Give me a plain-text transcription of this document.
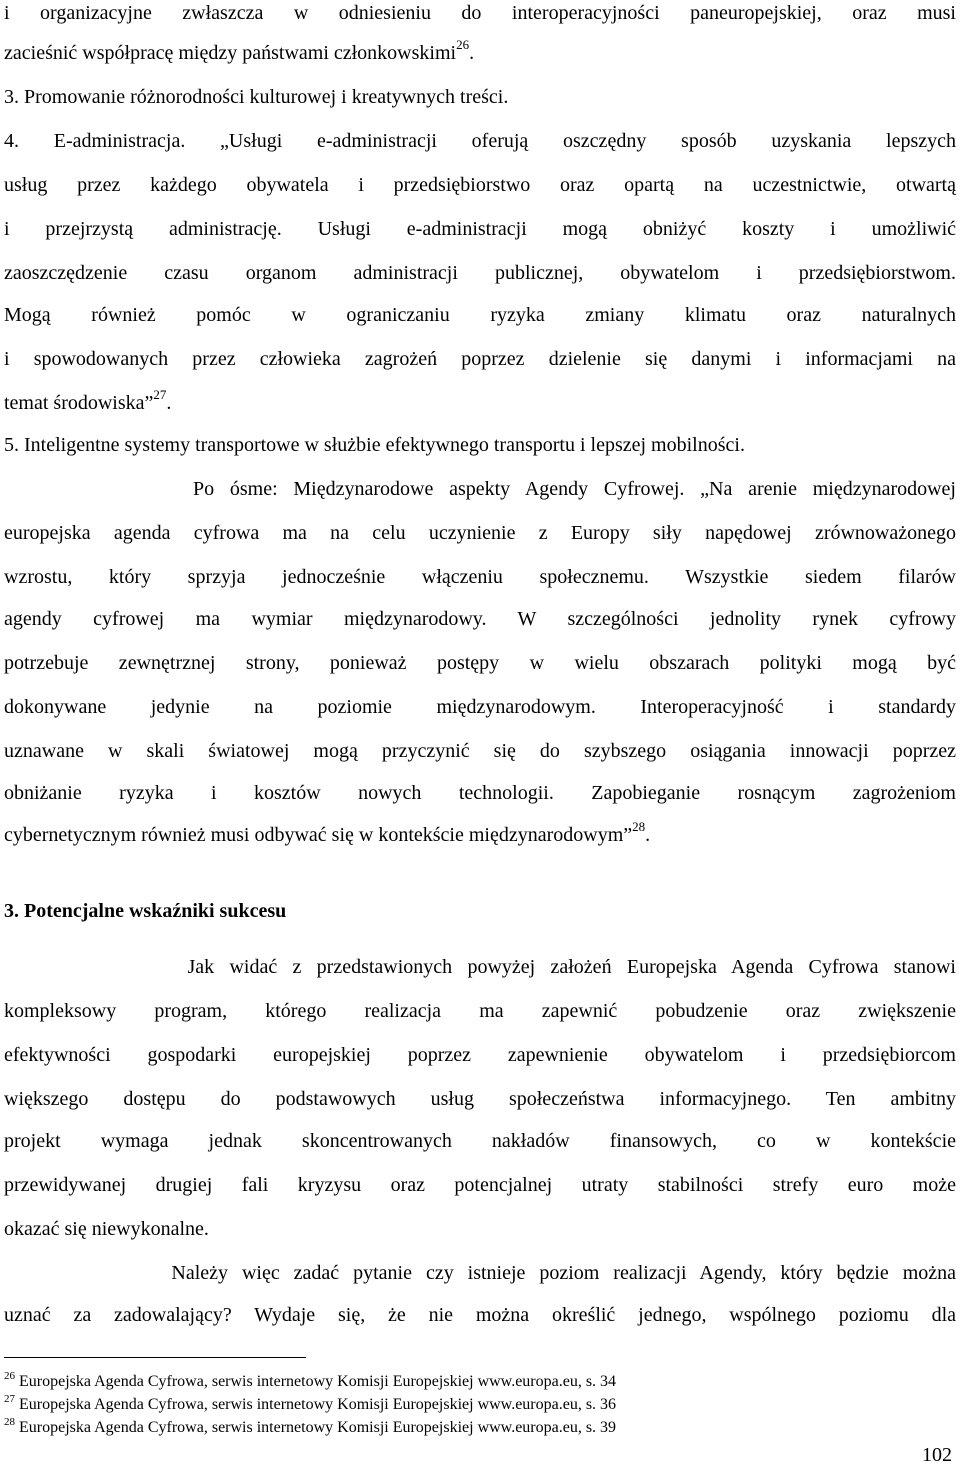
i organizacyjne zwłaszcza w odniesieniu do interoperacyjności paneuropejskiej, oraz musi
zacieśnić współpracę między państwami członkowskimi$^{26}$.
3. Promowanie różnorodności kulturowej i kreatywnych treści.
4. E-administracja. „Usługi e-administracji oferują oszczędny sposób uzyskania lepszych
usług przez każdego obywatela i przedsiębiorstwo oraz opartą na uczestnictwie, otwartą
i przejrzystą administrację. Usługi e-administracji mogą obniżyć koszty i umożliwić
zaoszczędzenie czasu organom administracji publicznej, obywatelom i przedsiębiorstwom.
Mogą również pomóc w ograniczaniu ryzyka zmiany klimatu oraz naturalnych
i spowodowanych przez człowieka zagrożeń poprzez dzielenie się danymi i informacjami na
temat środowiska”$^{27}$.
5. Inteligentne systemy transportowe w służbie efektywnego transportu i lepszej mobilności.
Po ósme: Międzynarodowe aspekty Agendy Cyfrowej. „Na arenie międzynarodowej
europejska agenda cyfrowa ma na celu uczynienie z Europy siły napędowej zrównoważonego
wzrostu, który sprzyja jednocześnie włączeniu społecznemu. Wszystkie siedem filarów
agendy cyfrowej ma wymiar międzynarodowy. W szczególności jednolity rynek cyfrowy
potrzebuje zewnętrznej strony, ponieważ postępy w wielu obszarach polityki mogą być
dokonywane jedynie na poziomie międzynarodowym. Interoperacyjność i standardy
uznawane w skali światowej mogą przyczynić się do szybszego osiągania innowacji poprzez
obniżanie ryzyka i kosztów nowych technologii. Zapobieganie rosnącym zagrożeniom
cybernetycznym również musi odbywać się w kontekście międzynarodowym”$^{28}$.
3. Potencjalne wskaźniki sukcesu
Jak widać z przedstawionych powyżej założeń Europejska Agenda Cyfrowa stanowi
kompleksowy program, którego realizacja ma zapewnić pobudzenie oraz zwiększenie
efektywności gospodarki europejskiej poprzez zapewnienie obywatelom i przedsiębiorcom
większego dostępu do podstawowych usług społeczeństwa informacyjnego. Ten ambitny
projekt wymaga jednak skoncentrowanych nakładów finansowych, co w kontekście
przewidywanej drugiej fali kryzysu oraz potencjalnej utraty stabilności strefy euro może
okazać się niewykonalne.
Należy więc zadać pytanie czy istnieje poziom realizacji Agendy, który będzie można
uznać za zadowalający? Wydaje się, że nie można określić jednego, wspólnego poziomu dla
$^{26}$ Europejska Agenda Cyfrowa, serwis internetowy Komisji Europejskiej www.europa.eu, s. 34
$^{27}$ Europejska Agenda Cyfrowa, serwis internetowy Komisji Europejskiej www.europa.eu, s. 36
$^{28}$ Europejska Agenda Cyfrowa, serwis internetowy Komisji Europejskiej www.europa.eu, s. 39
102
